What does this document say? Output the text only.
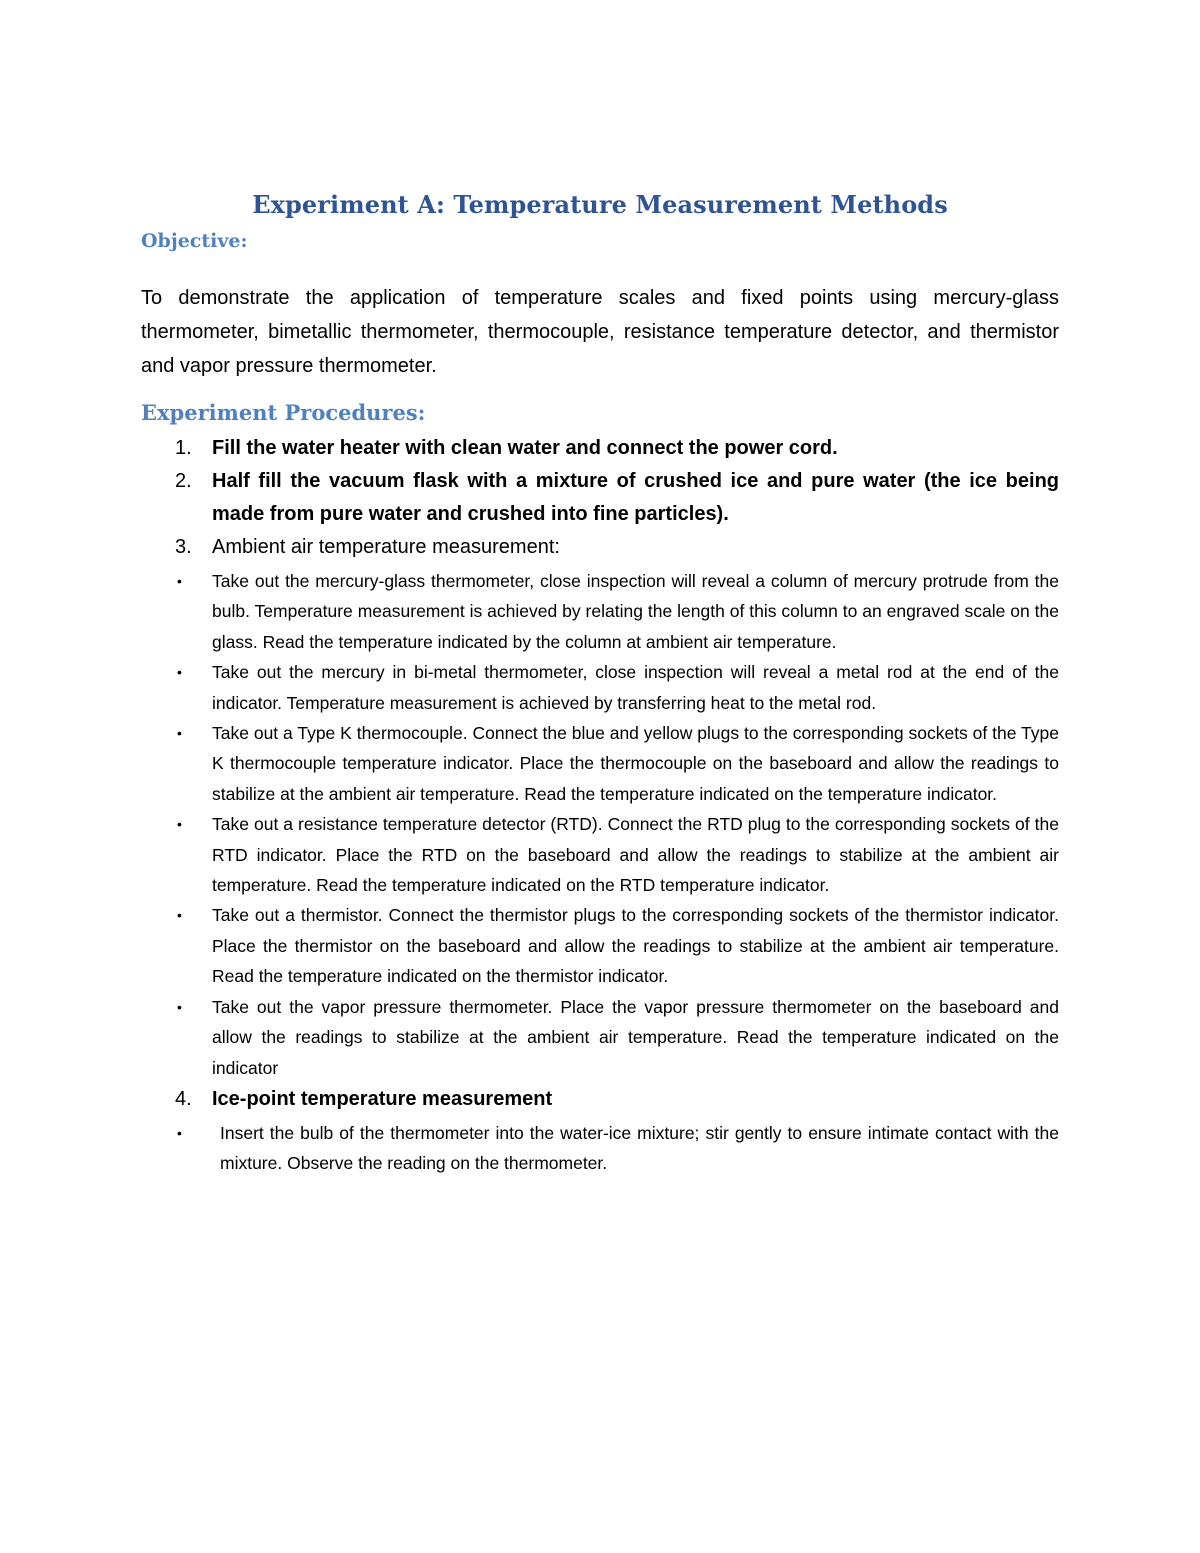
Experiment A: Temperature Measurement Methods
Objective:

To demonstrate the application of temperature scales and fixed points using mercury-glass thermometer, bimetallic thermometer, thermocouple, resistance temperature detector, and thermistor and vapor pressure thermometer.

Experiment Procedures:
1. Fill the water heater with clean water and connect the power cord.
2. Half fill the vacuum flask with a mixture of crushed ice and pure water (the ice being made from pure water and crushed into fine particles).
3. Ambient air temperature measurement:
• Take out the mercury-glass thermometer, close inspection will reveal a column of mercury protrude from the bulb. Temperature measurement is achieved by relating the length of this column to an engraved scale on the glass. Read the temperature indicated by the column at ambient air temperature.
• Take out the mercury in bi-metal thermometer, close inspection will reveal a metal rod at the end of the indicator. Temperature measurement is achieved by transferring heat to the metal rod.
• Take out a Type K thermocouple. Connect the blue and yellow plugs to the corresponding sockets of the Type K thermocouple temperature indicator. Place the thermocouple on the baseboard and allow the readings to stabilize at the ambient air temperature. Read the temperature indicated on the temperature indicator.
• Take out a resistance temperature detector (RTD). Connect the RTD plug to the corresponding sockets of the RTD indicator. Place the RTD on the baseboard and allow the readings to stabilize at the ambient air temperature. Read the temperature indicated on the RTD temperature indicator.
• Take out a thermistor. Connect the thermistor plugs to the corresponding sockets of the thermistor indicator. Place the thermistor on the baseboard and allow the readings to stabilize at the ambient air temperature. Read the temperature indicated on the thermistor indicator.
• Take out the vapor pressure thermometer. Place the vapor pressure thermometer on the baseboard and allow the readings to stabilize at the ambient air temperature. Read the temperature indicated on the indicator
4. Ice-point temperature measurement
• Insert the bulb of the thermometer into the water-ice mixture; stir gently to ensure intimate contact with the mixture. Observe the reading on the thermometer.
